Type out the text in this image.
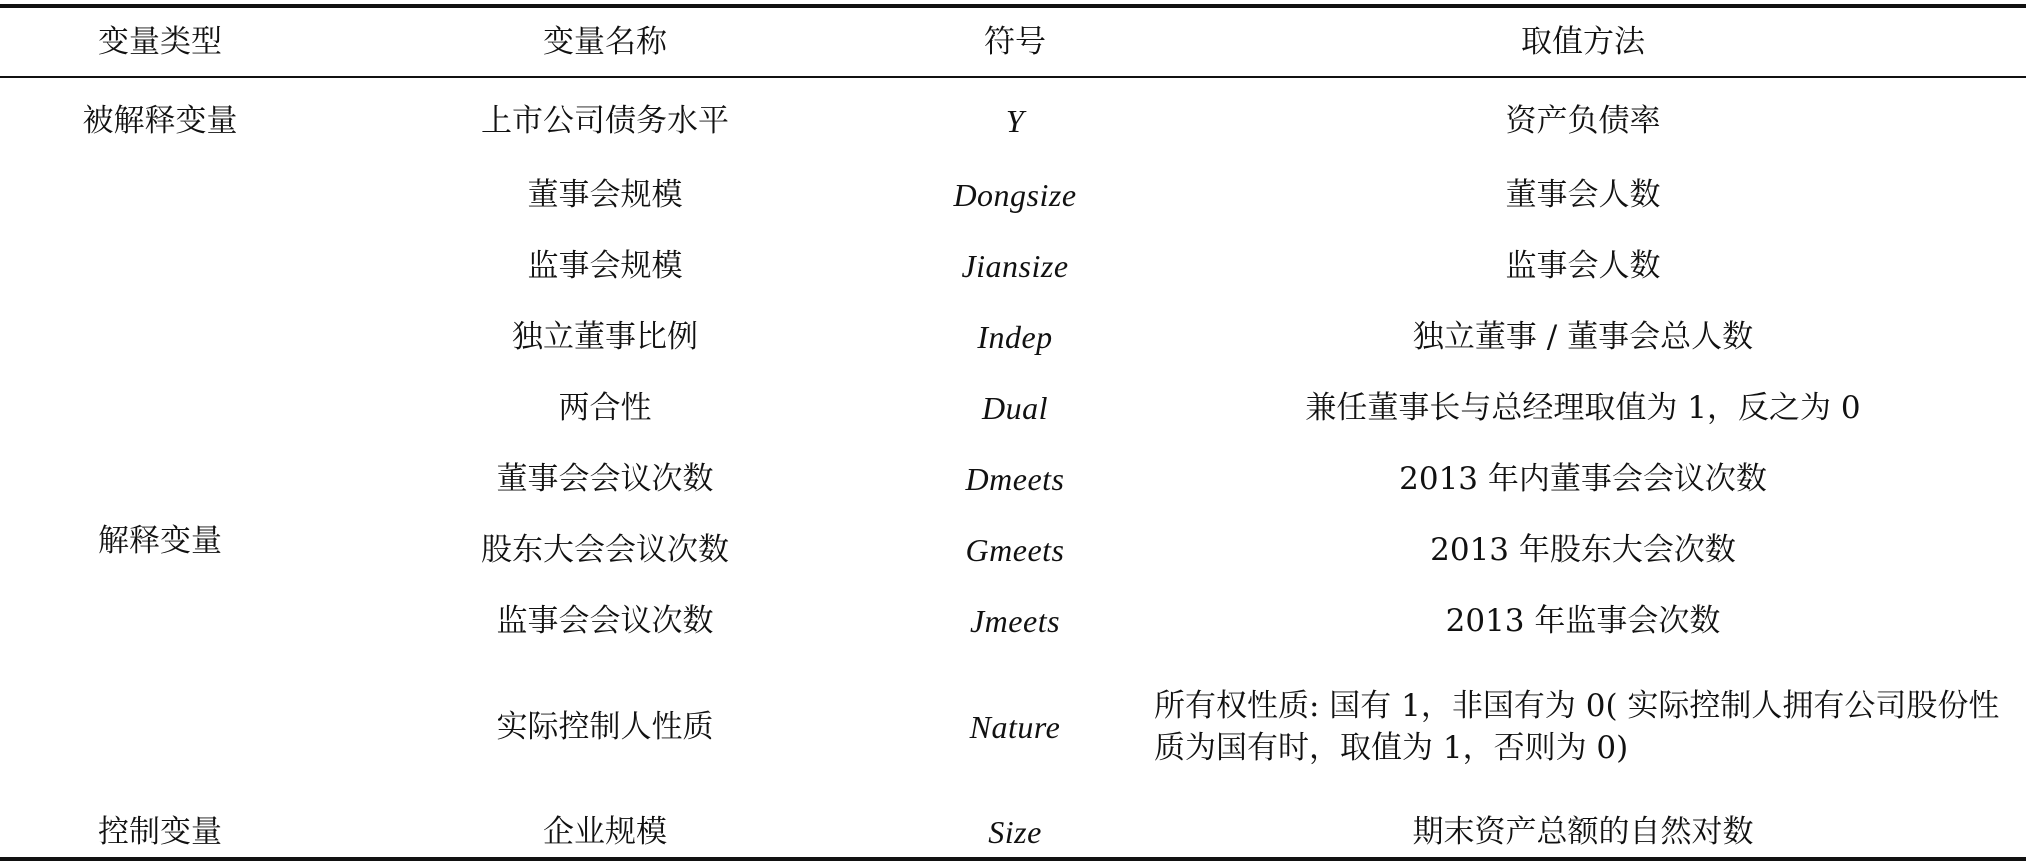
变量类型	变量名称	符号	取值方法
被解释变量	上市公司债务水平	Y	资产负债率
	董事会规模	Dongsize	董事会人数
	监事会规模	Jiansize	监事会人数
	独立董事比例	Indep	独立董事 / 董事会总人数
	两合性	Dual	兼任董事长与总经理取值为 1，反之为 0
	董事会会议次数	Dmeets	2013 年内董事会会议次数

解释变量	股东大会会议次数	Gmeets	2013 年股东大会次数
	监事会会议次数	Jmeets	2013 年监事会次数
	实际控制人性质	Nature	所有权性质: 国有 1，非国有为 0( 实际控制人拥有公司股份性质为国有时，取值为 1，否则为 0)
控制变量	企业规模	Size	期末资产总额的自然对数
